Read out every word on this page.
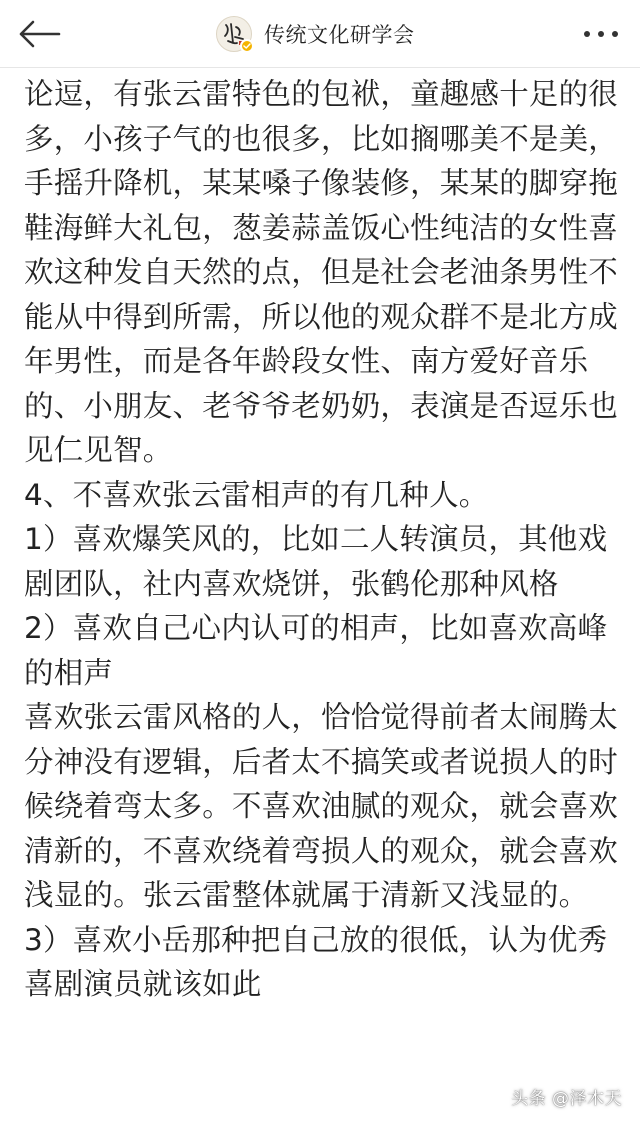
传统文化研学会

论逗，有张云雷特色的包袱，童趣感十足的很多，小孩子气的也很多，比如搁哪美不是美，手摇升降机，某某嗓子像装修，某某的脚穿拖鞋海鲜大礼包，葱姜蒜盖饭心性纯洁的女性喜欢这种发自天然的点，但是社会老油条男性不能从中得到所需，所以他的观众群不是北方成年男性，而是各年龄段女性、南方爱好音乐的、小朋友、老爷爷老奶奶，表演是否逗乐也见仁见智。

4、不喜欢张云雷相声的有几种人。

1）喜欢爆笑风的，比如二人转演员，其他戏剧团队，社内喜欢烧饼，张鹤伦那种风格

2）喜欢自己心内认可的相声，比如喜欢高峰的相声

喜欢张云雷风格的人，恰恰觉得前者太闹腾太分神没有逻辑，后者太不搞笑或者说损人的时候绕着弯太多。不喜欢油腻的观众，就会喜欢清新的，不喜欢绕着弯损人的观众，就会喜欢浅显的。张云雷整体就属于清新又浅显的。

3）喜欢小岳那种把自己放的很低，认为优秀喜剧演员就该如此

头条 @泽木天
